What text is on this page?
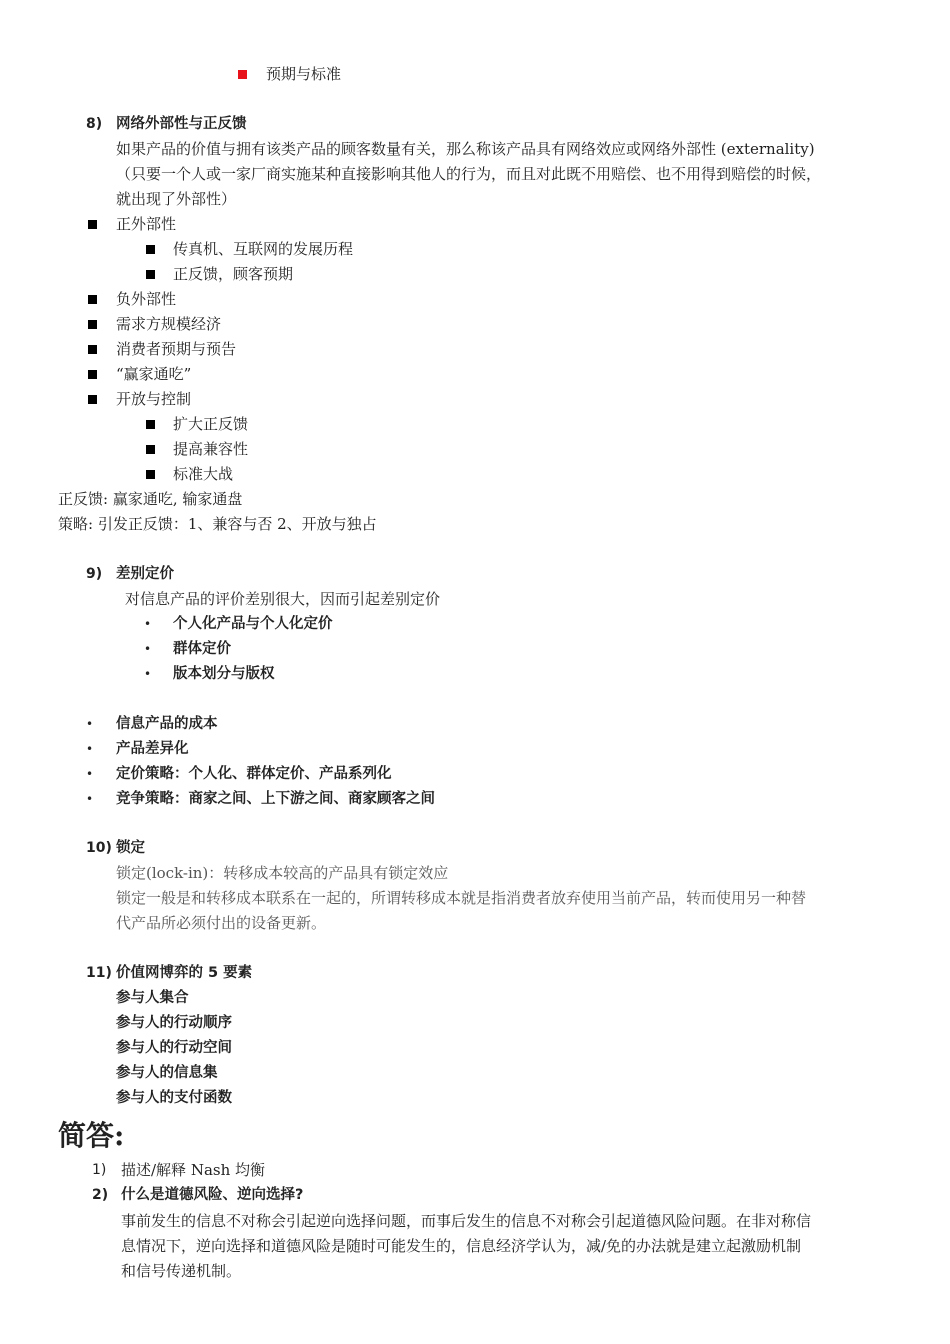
预期与标准
8) 网络外部性与正反馈
如果产品的价值与拥有该类产品的顾客数量有关，那么称该产品具有网络效应或网络外部性 (externality)
（只要一个人或一家厂商实施某种直接影响其他人的行为，而且对此既不用赔偿、也不用得到赔偿的时候，
就出现了外部性）
正外部性
传真机、互联网的发展历程
正反馈，顾客预期
负外部性
需求方规模经济
消费者预期与预告
“赢家通吃”
开放与控制
扩大正反馈
提高兼容性
标准大战
正反馈: 赢家通吃, 输家通盘
策略: 引发正反馈：1、兼容与否 2、开放与独占
9) 差别定价
对信息产品的评价差别很大，因而引起差别定价
• 个人化产品与个人化定价
• 群体定价
• 版本划分与版权
• 信息产品的成本
• 产品差异化
• 定价策略：个人化、群体定价、产品系列化
• 竞争策略：商家之间、上下游之间、商家顾客之间
10) 锁定
锁定(lock-in)：转移成本较高的产品具有锁定效应
锁定一般是和转移成本联系在一起的，所谓转移成本就是指消费者放弃使用当前产品，转而使用另一种替
代产品所必须付出的设备更新。
11) 价值网博弈的 5 要素
参与人集合
参与人的行动顺序
参与人的行动空间
参与人的信息集
参与人的支付函数
简答:
1) 描述/解释 Nash 均衡
2) 什么是道德风险、逆向选择?
事前发生的信息不对称会引起逆向选择问题，而事后发生的信息不对称会引起道德风险问题。在非对称信
息情况下，逆向选择和道德风险是随时可能发生的，信息经济学认为，减/免的办法就是建立起激励机制
和信号传递机制。
